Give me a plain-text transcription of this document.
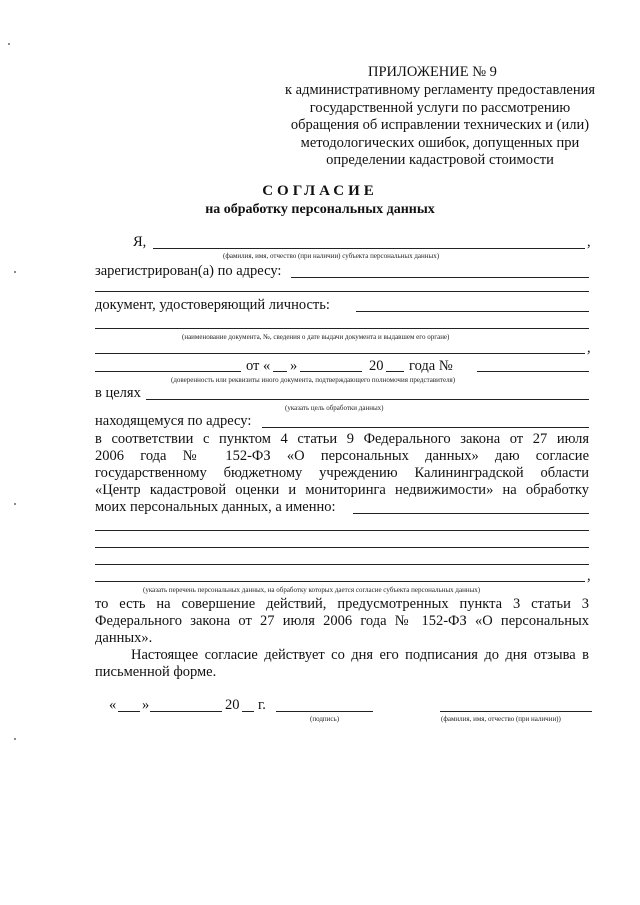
ПРИЛОЖЕНИЕ № 9
к административному регламенту предоставления
государственной услуги по рассмотрению
обращения об исправлении технических и (или)
методологических ошибок, допущенных при
определении кадастровой стоимости
СОГЛАСИЕ
на обработку персональных данных
Я,	,
(фамилия, имя, отчество (при наличии) субъекта персональных данных)
зарегистрирован(а) по адресу:
документ, удостоверяющий личность:
(наименование документа, №, сведения о дате выдачи документа и выдавшем его органе)
,
от « »	20 года №
(доверенность или реквизиты иного документа, подтверждающего полномочия представителя)
в целях
(указать цель обработки данных)
находящемуся по адресу:
в соответствии с пунктом 4 статьи 9 Федерального закона от 27 июля
2006 года № 152-ФЗ «О персональных данных» даю согласие
государственному бюджетному учреждению Калининградской области
«Центр кадастровой оценки и мониторинга недвижимости» на обработку
моих персональных данных, а именно:
,
(указать перечень персональных данных, на обработку которых дается согласие субъекта персональных данных)
то есть на совершение действий, предусмотренных пункта 3 статьи 3
Федерального закона от 27 июля 2006 года № 152-ФЗ «О персональных
данных».
Настоящее согласие действует со дня его подписания до дня отзыва в
письменной форме.
« »	20 г.
(подпись)	(фамилия, имя, отчество (при наличии))
